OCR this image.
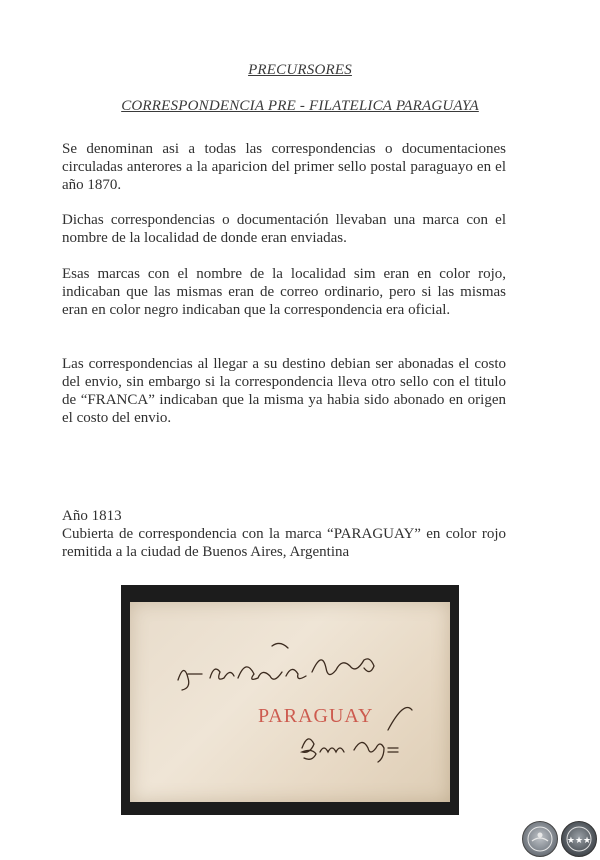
PRECURSORES
CORRESPONDENCIA PRE - FILATELICA PARAGUAYA
Se denominan asi a todas las correspondencias o documentaciones circuladas anterores a la aparicion del primer sello postal paraguayo en el año 1870.
Dichas correspondencias o documentación llevaban una marca con el nombre de la localidad de donde eran enviadas.
Esas marcas con el nombre de la localidad sim eran en color rojo, indicaban que las mismas eran de correo ordinario, pero si las mismas eran en color negro indicaban que la correspondencia era oficial.
Las correspondencias al llegar a su destino debian ser abonadas el costo del envio, sin embargo si la correspondencia lleva otro sello con el titulo de “FRANCA” indicaban que la misma ya habia sido abonado en origen el costo del envio.
Año 1813
Cubierta de correspondencia con la marca “PARAGUAY” en color rojo remitida a la ciudad de Buenos Aires, Argentina
PARAGUAY
★★★
